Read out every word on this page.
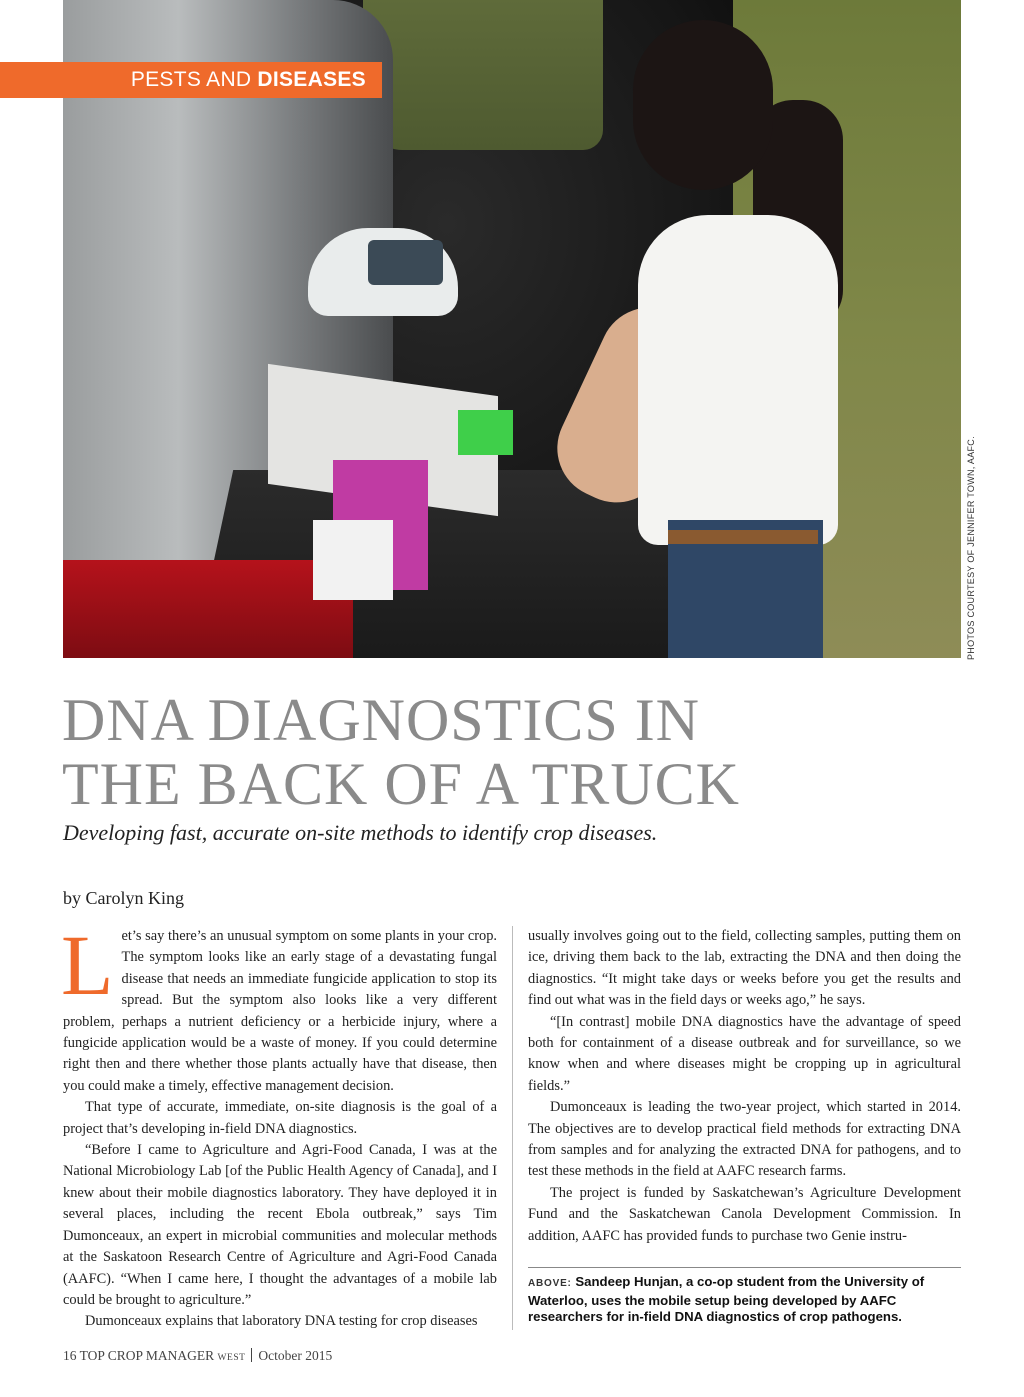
PHOTOS COURTESY OF JENNIFER TOWN, AAFC.
PESTS AND DISEASES
DNA DIAGNOSTICS IN
THE BACK OF A TRUCK

Developing fast, accurate on-site methods to identify crop diseases.

by Carolyn King

Let’s say there’s an unusual symptom on some plants in your crop. The symptom looks like an early stage of a devastating fungal disease that needs an immediate fungicide application to stop its spread. But the symptom also looks like a very different problem, perhaps a nutrient deficiency or a herbicide injury, where a fungicide application would be a waste of money. If you could determine right then and there whether those plants actually have that disease, then you could make a timely, effective management decision.

That type of accurate, immediate, on-site diagnosis is the goal of a project that’s developing in-field DNA diagnostics.

“Before I came to Agriculture and Agri-Food Canada, I was at the National Microbiology Lab [of the Public Health Agency of Canada], and I knew about their mobile diagnostics laboratory. They have deployed it in several places, including the recent Ebola outbreak,” says Tim Dumonceaux, an expert in microbial communities and molecular methods at the Saskatoon Research Centre of Agriculture and Agri-Food Canada (AAFC). “When I came here, I thought the advantages of a mobile lab could be brought to agriculture.”

Dumonceaux explains that laboratory DNA testing for crop diseases

usually involves going out to the field, collecting samples, putting them on ice, driving them back to the lab, extracting the DNA and then doing the diagnostics. “It might take days or weeks before you get the results and find out what was in the field days or weeks ago,” he says.

“[In contrast] mobile DNA diagnostics have the advantage of speed both for containment of a disease outbreak and for surveillance, so we know when and where diseases might be cropping up in agricultural fields.”

Dumonceaux is leading the two-year project, which started in 2014. The objectives are to develop practical field methods for extracting DNA from samples and for analyzing the extracted DNA for pathogens, and to test these methods in the field at AAFC research farms.

The project is funded by Saskatchewan’s Agriculture Development Fund and the Saskatchewan Canola Development Commission. In addition, AAFC has provided funds to purchase two Genie instru-

ABOVE: Sandeep Hunjan, a co-op student from the University of Waterloo, uses the mobile setup being developed by AAFC researchers for in-field DNA diagnostics of crop pathogens.

16 TOP CROP MANAGER WEST October 2015
